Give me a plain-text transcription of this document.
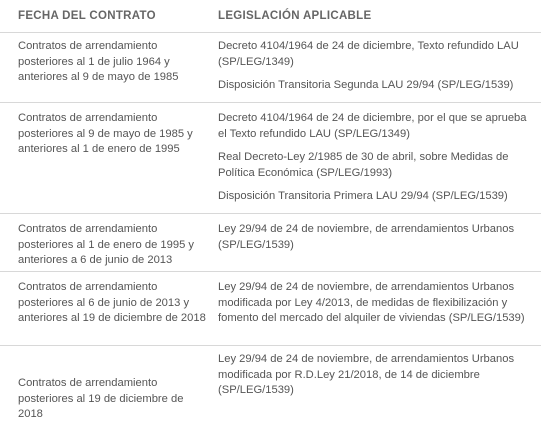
FECHA DEL CONTRATO	LEGISLACIÓN APLICABLE
Contratos de arrendamiento posteriores al 1 de julio 1964 y anteriores al 9 de mayo de 1985

Decreto 4104/1964 de 24 de diciembre, Texto refundido LAU (SP/LEG/1349)

Disposición Transitoria Segunda LAU 29/94 (SP/LEG/1539)

Contratos de arrendamiento posteriores al 9 de mayo de 1985 y anteriores al 1 de enero de 1995

Decreto 4104/1964 de 24 de diciembre, por el que se aprueba el Texto refundido LAU (SP/LEG/1349)

Real Decreto-Ley 2/1985 de 30 de abril, sobre Medidas de Política Económica (SP/LEG/1993)

Disposición Transitoria Primera LAU 29/94 (SP/LEG/1539)

Contratos de arrendamiento posteriores al 1 de enero de 1995 y anteriores a 6 de junio de 2013

Ley 29/94 de 24 de noviembre, de arrendamientos Urbanos (SP/LEG/1539)

Contratos de arrendamiento posteriores al 6 de junio de 2013 y anteriores al 19 de diciembre de 2018

Ley 29/94 de 24 de noviembre, de arrendamientos Urbanos modificada por Ley 4/2013, de medidas de flexibilización y fomento del mercado del alquiler de viviendas (SP/LEG/1539)

Contratos de arrendamiento posteriores al 19 de diciembre de 2018

Ley 29/94 de 24 de noviembre, de arrendamientos Urbanos modificada por R.D.Ley 21/2018, de 14 de diciembre (SP/LEG/1539)
